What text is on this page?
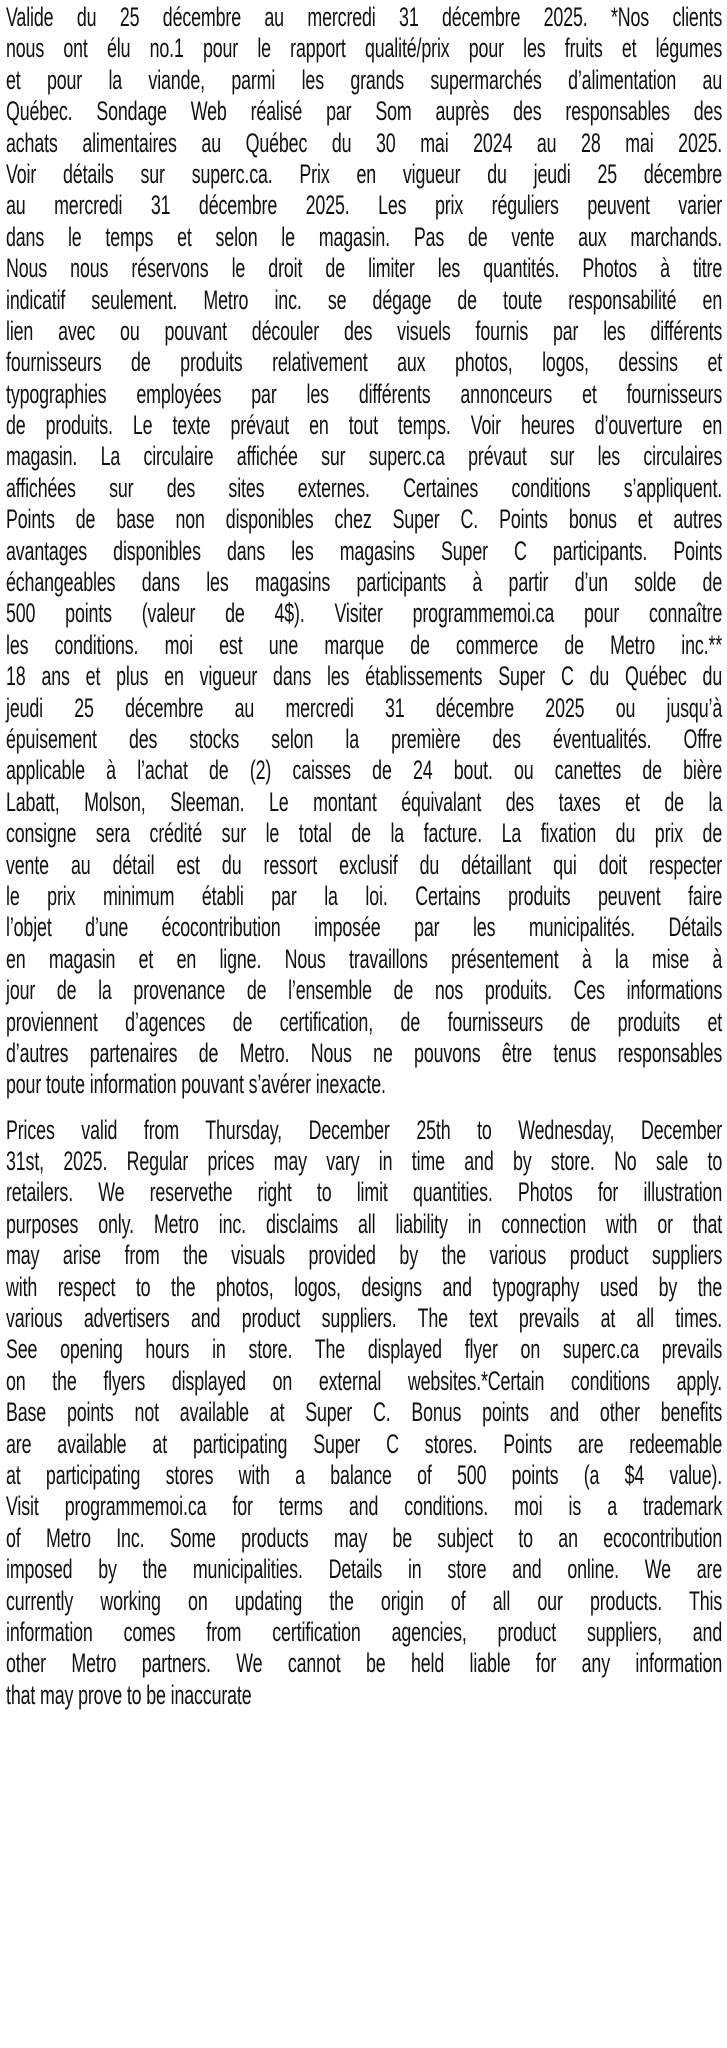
Valide du 25 décembre au mercredi 31 décembre 2025. *Nos clients
nous ont élu no.1 pour le rapport qualité/prix pour les fruits et légumes
et pour la viande, parmi les grands supermarchés d’alimentation au
Québec. Sondage Web réalisé par Som auprès des responsables des
achats alimentaires au Québec du 30 mai 2024 au 28 mai 2025.
Voir détails sur superc.ca. Prix en vigueur du jeudi 25 décembre
au mercredi 31 décembre 2025. Les prix réguliers peuvent varier
dans le temps et selon le magasin. Pas de vente aux marchands.
Nous nous réservons le droit de limiter les quantités. Photos à titre
indicatif seulement. Metro inc. se dégage de toute responsabilité en
lien avec ou pouvant découler des visuels fournis par les différents
fournisseurs de produits relativement aux photos, logos, dessins et
typographies employées par les différents annonceurs et fournisseurs
de produits. Le texte prévaut en tout temps. Voir heures d’ouverture en
magasin. La circulaire affichée sur superc.ca prévaut sur les circulaires
affichées sur des sites externes. Certaines conditions s’appliquent.
Points de base non disponibles chez Super C. Points bonus et autres
avantages disponibles dans les magasins Super C participants. Points
échangeables dans les magasins participants à partir d’un solde de
500 points (valeur de 4$). Visiter programmemoi.ca pour connaître
les conditions. moi est une marque de commerce de Metro inc.**
18 ans et plus en vigueur dans les établissements Super C du Québec du
jeudi 25 décembre au mercredi 31 décembre 2025 ou jusqu’à
épuisement des stocks selon la première des éventualités. Offre
applicable à l’achat de (2) caisses de 24 bout. ou canettes de bière
Labatt, Molson, Sleeman. Le montant équivalant des taxes et de la
consigne sera crédité sur le total de la facture. La fixation du prix de
vente au détail est du ressort exclusif du détaillant qui doit respecter
le prix minimum établi par la loi. Certains produits peuvent faire
l’objet d’une écocontribution imposée par les municipalités. Détails
en magasin et en ligne. Nous travaillons présentement à la mise à
jour de la provenance de l’ensemble de nos produits. Ces informations
proviennent d’agences de certification, de fournisseurs de produits et
d’autres partenaires de Metro. Nous ne pouvons être tenus responsables
pour toute information pouvant s’avérer inexacte.
Prices valid from Thursday, December 25th to Wednesday, December
31st, 2025. Regular prices may vary in time and by store. No sale to
retailers. We reservethe right to limit quantities. Photos for illustration
purposes only. Metro inc. disclaims all liability in connection with or that
may arise from the visuals provided by the various product suppliers
with respect to the photos, logos, designs and typography used by the
various advertisers and product suppliers. The text prevails at all times.
See opening hours in store. The displayed flyer on superc.ca prevails
on the flyers displayed on external websites.*Certain conditions apply.
Base points not available at Super C. Bonus points and other benefits
are available at participating Super C stores. Points are redeemable
at participating stores with a balance of 500 points (a $4 value).
Visit programmemoi.ca for terms and conditions. moi is a trademark
of Metro Inc. Some products may be subject to an ecocontribution
imposed by the municipalities. Details in store and online. We are
currently working on updating the origin of all our products. This
information comes from certification agencies, product suppliers, and
other Metro partners. We cannot be held liable for any information
that may prove to be inaccurate
